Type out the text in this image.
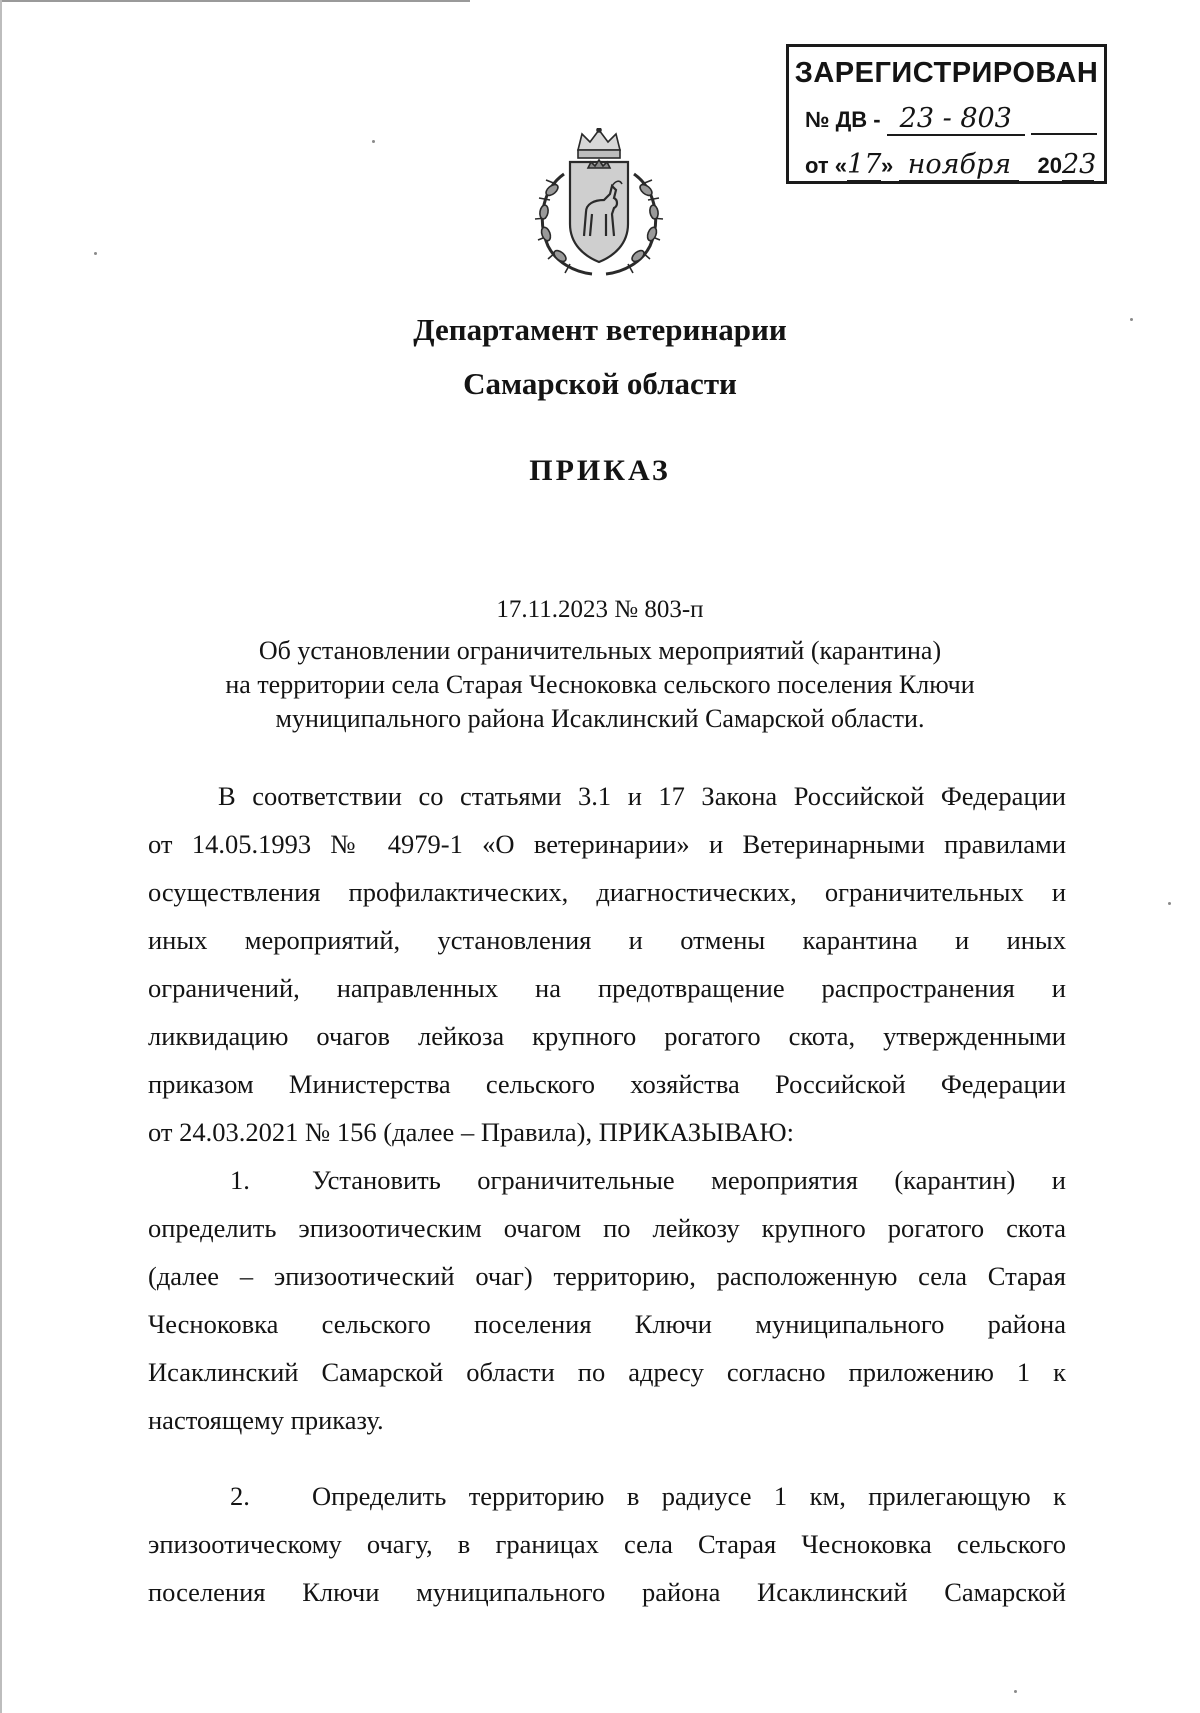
ЗАРЕГИСТРИРОВАН
№ ДВ - 23 - 803
от «17» ноября 2023
Департамент ветеринарии
Самарской области
ПРИКАЗ
17.11.2023 № 803-п
Об установлении ограничительных мероприятий (карантина)
на территории села Старая Чесноковка сельского поселения Ключи
муниципального района Исаклинский Самарской области.
В соответствии со статьями 3.1 и 17 Закона Российской Федерации
от 14.05.1993 № 4979-1 «О ветеринарии» и Ветеринарными правилами
осуществления профилактических, диагностических, ограничительных и
иных мероприятий, установления и отмены карантина и иных
ограничений, направленных на предотвращение распространения и
ликвидацию очагов лейкоза крупного рогатого скота, утвержденными
приказом Министерства сельского хозяйства Российской Федерации
от 24.03.2021 № 156 (далее – Правила), ПРИКАЗЫВАЮ:
1. Установить ограничительные мероприятия (карантин) и
определить эпизоотическим очагом по лейкозу крупного рогатого скота
(далее – эпизоотический очаг) территорию, расположенную села Старая
Чесноковка сельского поселения Ключи муниципального района
Исаклинский Самарской области по адресу согласно приложению 1 к
настоящему приказу.
2. Определить территорию в радиусе 1 км, прилегающую к
эпизоотическому очагу, в границах села Старая Чесноковка сельского
поселения Ключи муниципального района Исаклинский Самарской
